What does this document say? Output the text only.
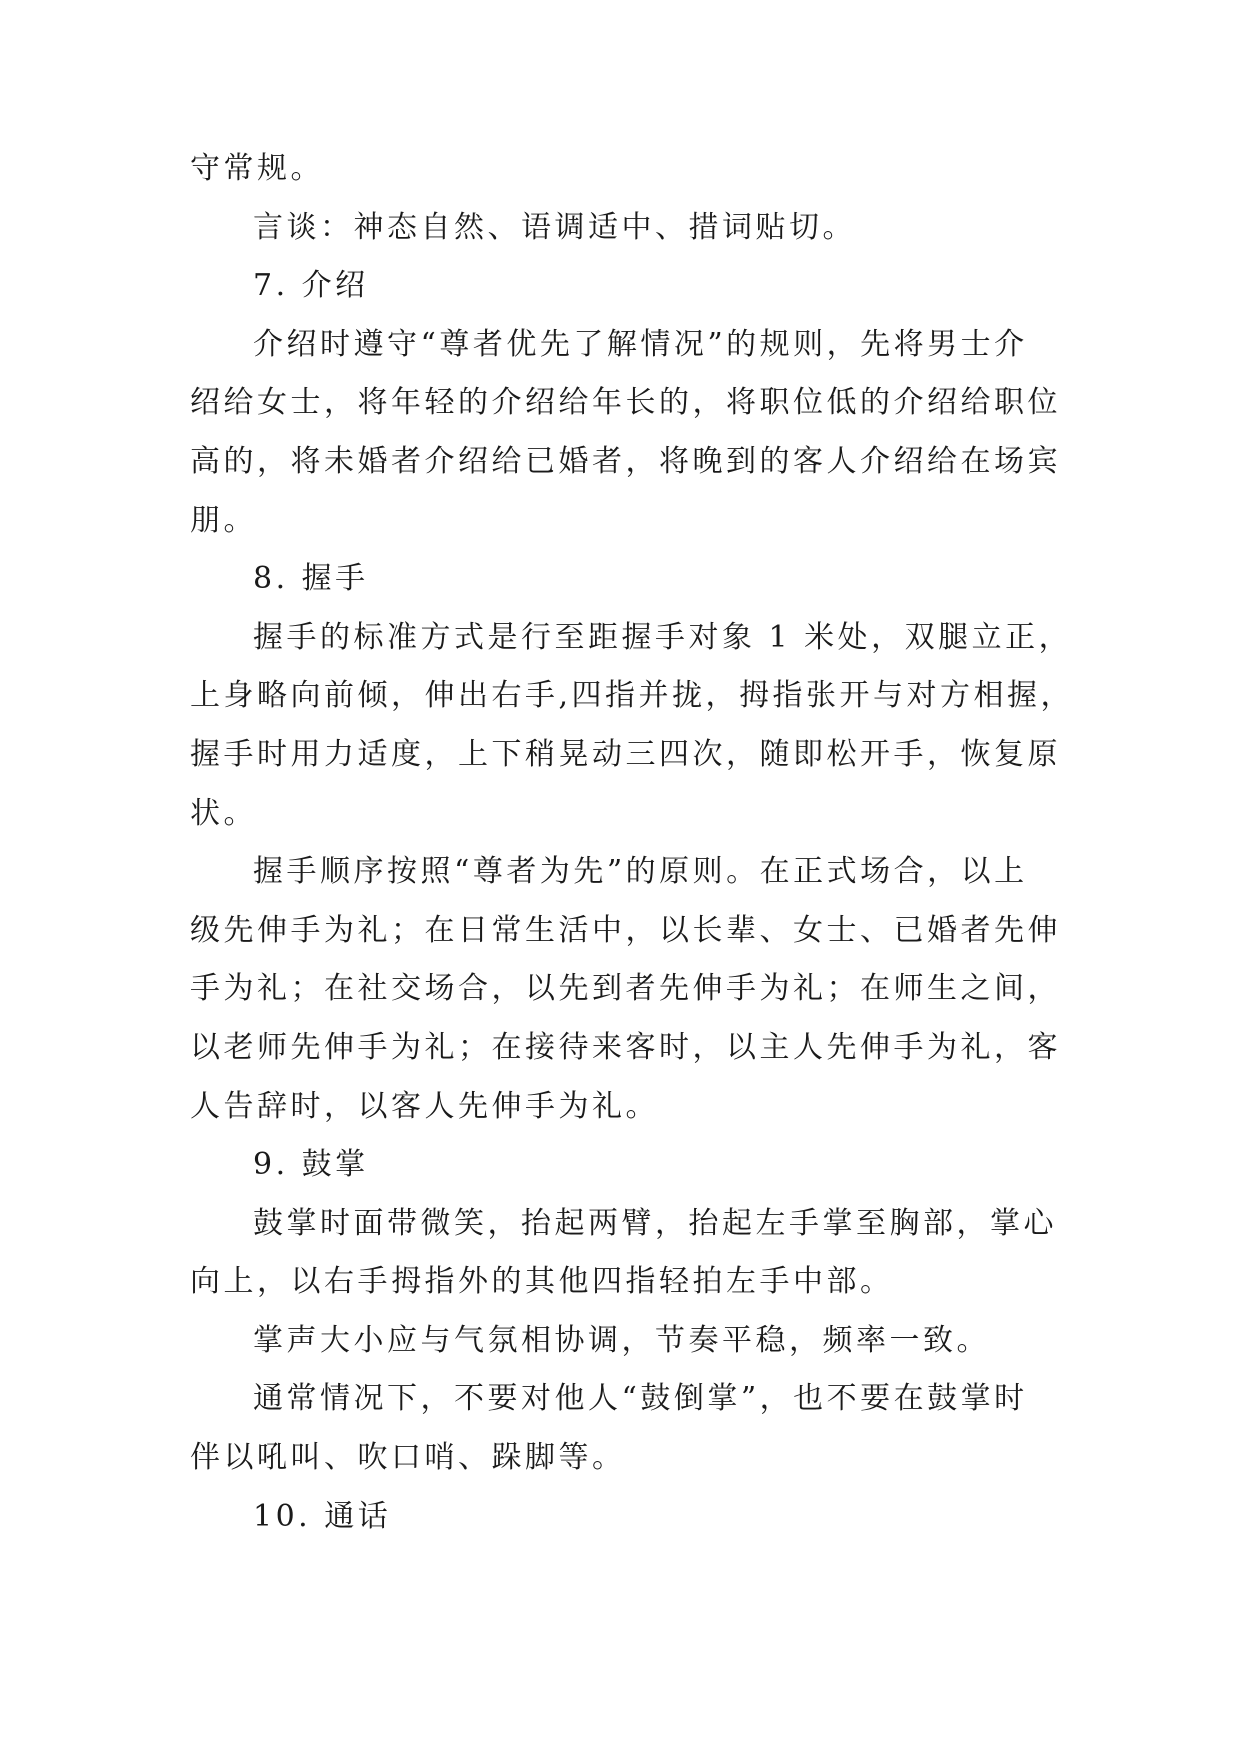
守常规。
言谈：神态自然、语调适中、措词贴切。
7. 介绍
介绍时遵守“尊者优先了解情况”的规则，先将男士介
绍给女士，将年轻的介绍给年长的，将职位低的介绍给职位
高的，将未婚者介绍给已婚者，将晚到的客人介绍给在场宾
朋。
8. 握手
握手的标准方式是行至距握手对象 1 米处，双腿立正，
上身略向前倾，伸出右手,四指并拢，拇指张开与对方相握，
握手时用力适度，上下稍晃动三四次，随即松开手，恢复原
状。
握手顺序按照“尊者为先”的原则。在正式场合，以上
级先伸手为礼；在日常生活中，以长辈、女士、已婚者先伸
手为礼；在社交场合，以先到者先伸手为礼；在师生之间，
以老师先伸手为礼；在接待来客时，以主人先伸手为礼，客
人告辞时，以客人先伸手为礼。
9. 鼓掌
鼓掌时面带微笑，抬起两臂，抬起左手掌至胸部，掌心
向上，以右手拇指外的其他四指轻拍左手中部。
掌声大小应与气氛相协调，节奏平稳，频率一致。
通常情况下，不要对他人“鼓倒掌”，也不要在鼓掌时
伴以吼叫、吹口哨、跺脚等。
10. 通话
